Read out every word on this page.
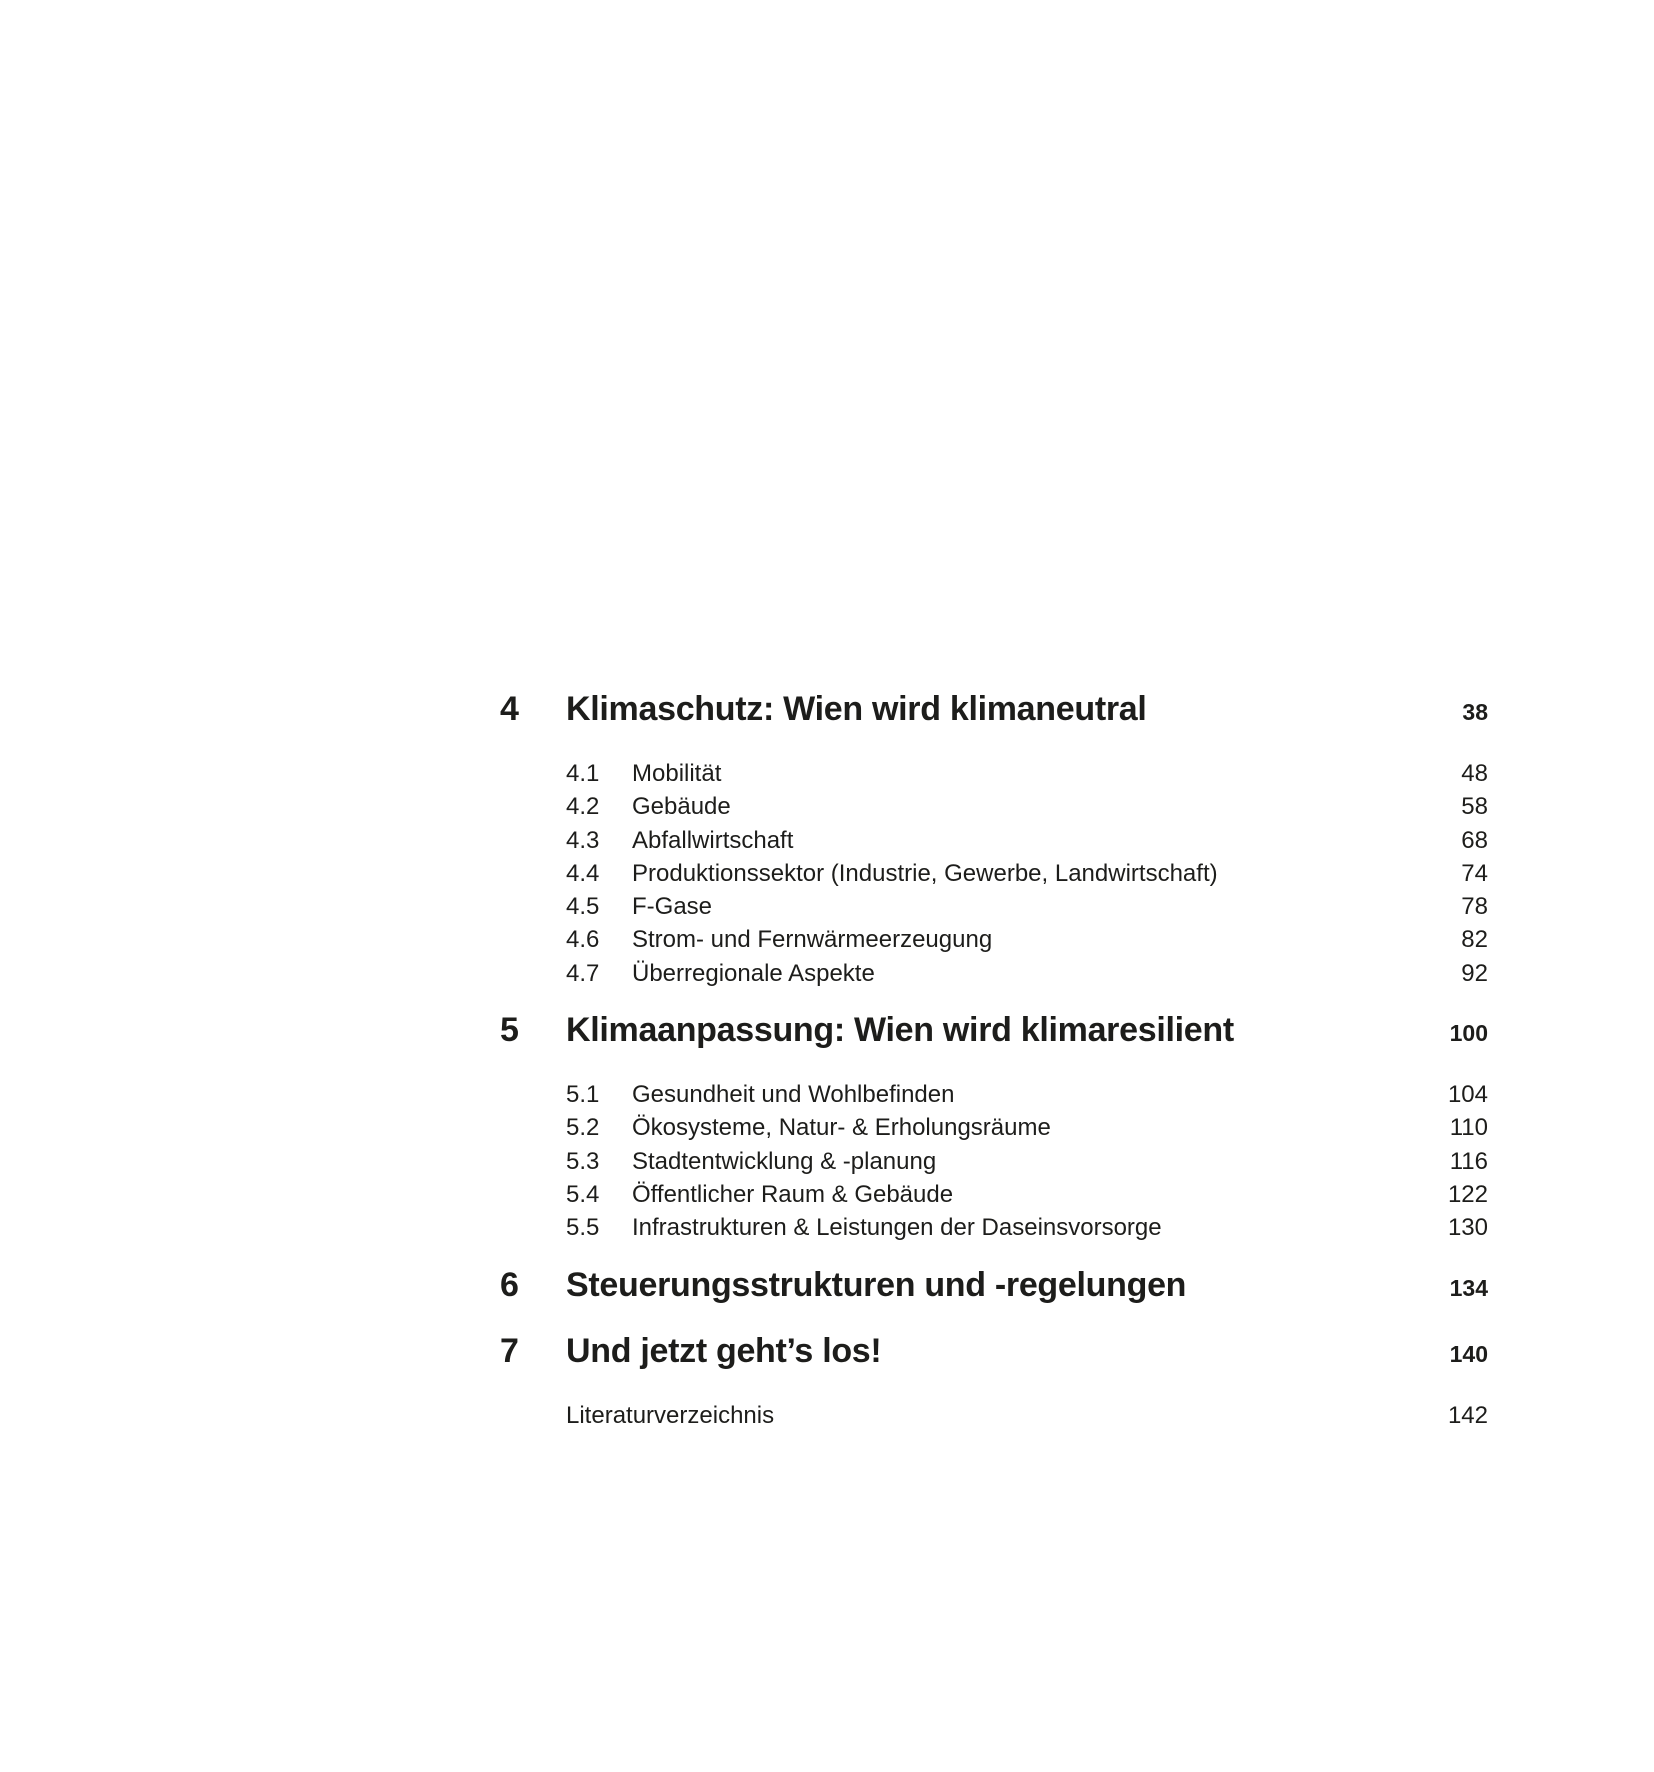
4	Klimaschutz: Wien wird klimaneutral	38
4.1	Mobilität	48
4.2	Gebäude	58
4.3	Abfallwirtschaft	68
4.4	Produktionssektor (Industrie, Gewerbe, Landwirtschaft)	74
4.5	F-Gase	78
4.6	Strom- und Fernwärmeerzeugung	82
4.7	Überregionale Aspekte	92
5	Klimaanpassung: Wien wird klimaresilient	100
5.1	Gesundheit und Wohlbefinden	104
5.2	Ökosysteme, Natur- & Erholungsräume	110
5.3	Stadtentwicklung & -planung	116
5.4	Öffentlicher Raum & Gebäude	122
5.5	Infrastrukturen & Leistungen der Daseinsvorsorge	130
6	Steuerungsstrukturen und -regelungen	134
7	Und jetzt geht’s los!	140
Literaturverzeichnis	142
